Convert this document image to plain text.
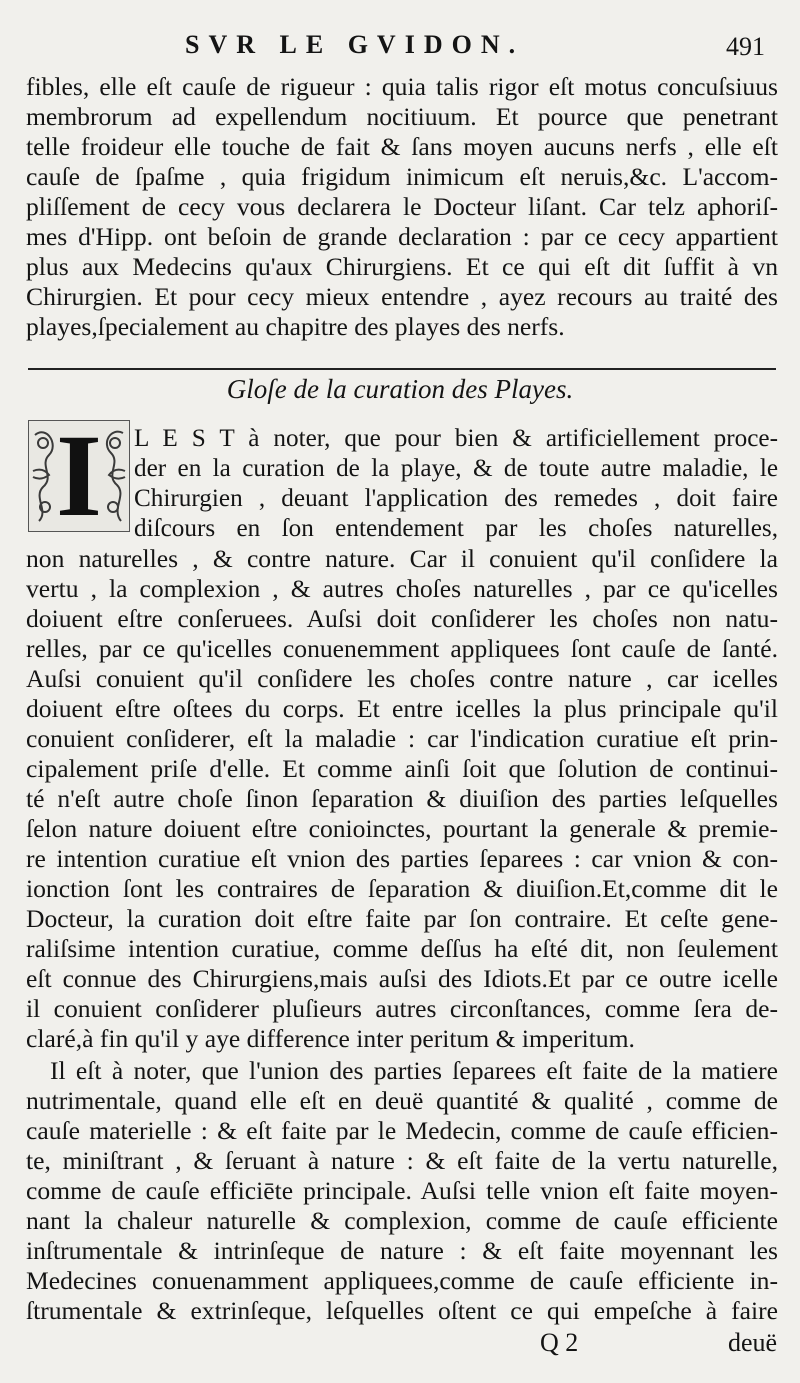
SVR LE GVIDON.	491
fibles, elle eſt cauſe de rigueur : quia talis rigor eſt motus concuſsiuus
membrorum ad expellendum nocitiuum. Et pource que penetrant
telle froideur elle touche de fait & ſans moyen aucuns nerfs , elle eſt
cauſe de ſpaſme , quia frigidum inimicum eſt neruis,&c. L'accom-
pliſſement de cecy vous declarera le Docteur liſant. Car telz aphoriſ-
mes d'Hipp. ont beſoin de grande declaration : par ce cecy appartient
plus aux Medecins qu'aux Chirurgiens. Et ce qui eſt dit ſuffit à vn
Chirurgien. Et pour cecy mieux entendre , ayez recours au traité des
playes,ſpecialement au chapitre des playes des nerfs.
Gloſe de la curation des Playes.
I	L E S T à noter, que pour bien & artificiellement proce-
der en la curation de la playe, & de toute autre maladie, le
Chirurgien , deuant l'application des remedes , doit faire
diſcours en ſon entendement par les choſes naturelles,
non naturelles , & contre nature. Car il conuient qu'il conſidere la
vertu , la complexion , & autres choſes naturelles , par ce qu'icelles
doiuent eſtre conſeruees. Auſsi doit conſiderer les choſes non natu-
relles, par ce qu'icelles conuenemment appliquees ſont cauſe de ſanté.
Auſsi conuient qu'il conſidere les choſes contre nature , car icelles
doiuent eſtre oſtees du corps. Et entre icelles la plus principale qu'il
conuient conſiderer, eſt la maladie : car l'indication curatiue eſt prin-
cipalement priſe d'elle. Et comme ainſi ſoit que ſolution de continui-
té n'eſt autre choſe ſinon ſeparation & diuiſion des parties leſquelles
ſelon nature doiuent eſtre conioinctes, pourtant la generale & premie-
re intention curatiue eſt vnion des parties ſeparees : car vnion & con-
ionction ſont les contraires de ſeparation & diuiſion.Et,comme dit le
Docteur, la curation doit eſtre faite par ſon contraire. Et ceſte gene-
raliſsime intention curatiue, comme deſſus ha eſté dit, non ſeulement
eſt connue des Chirurgiens,mais auſsi des Idiots.Et par ce outre icelle
il conuient conſiderer pluſieurs autres circonſtances, comme ſera de-
claré,à fin qu'il y aye difference inter peritum & imperitum.
Il eſt à noter, que l'union des parties ſeparees eſt faite de la matiere
nutrimentale, quand elle eſt en deuë quantité & qualité , comme de
cauſe materielle : & eſt faite par le Medecin, comme de cauſe efficien-
te, miniſtrant , & ſeruant à nature : & eſt faite de la vertu naturelle,
comme de cauſe efficiēte principale. Auſsi telle vnion eſt faite moyen-
nant la chaleur naturelle & complexion, comme de cauſe efficiente
inſtrumentale & intrinſeque de nature : & eſt faite moyennant les
Medecines conuenamment appliquees,comme de cauſe efficiente in-
ſtrumentale & extrinſeque, leſquelles oſtent ce qui empeſche à faire
Q 2	deuë
